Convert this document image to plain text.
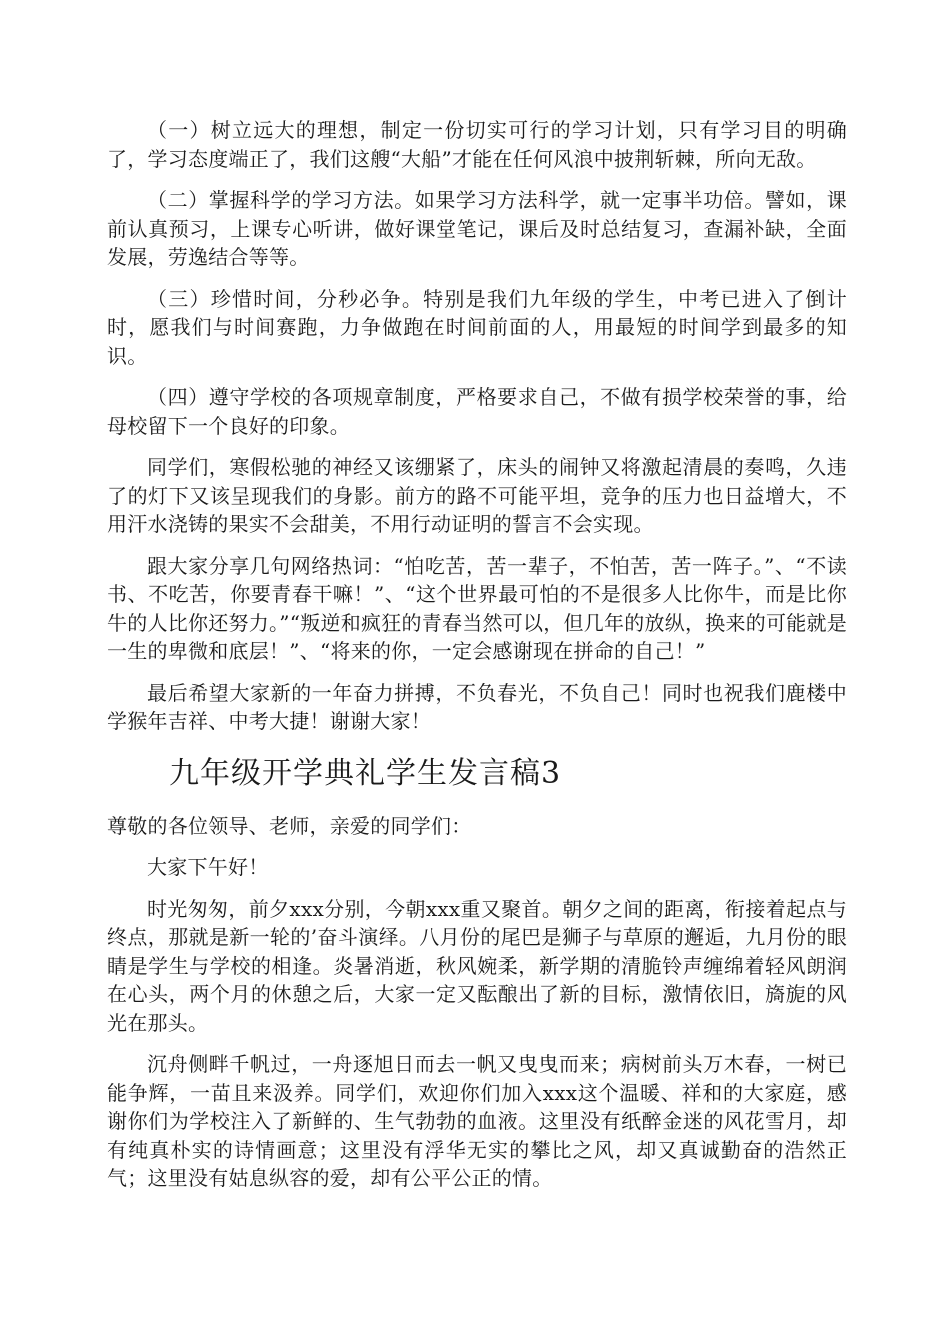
（一）树立远大的理想，制定一份切实可行的学习计划，只有学习目的明确了，学习态度端正了，我们这艘“大船”才能在任何风浪中披荆斩棘，所向无敌。

（二）掌握科学的学习方法。如果学习方法科学，就一定事半功倍。譬如，课前认真预习，上课专心听讲，做好课堂笔记，课后及时总结复习，查漏补缺，全面发展，劳逸结合等等。

（三）珍惜时间，分秒必争。特别是我们九年级的学生，中考已进入了倒计时，愿我们与时间赛跑，力争做跑在时间前面的人，用最短的时间学到最多的知识。

（四）遵守学校的各项规章制度，严格要求自己，不做有损学校荣誉的事，给母校留下一个良好的印象。

同学们，寒假松驰的神经又该绷紧了，床头的闹钟又将激起清晨的奏鸣，久违了的灯下又该呈现我们的身影。前方的路不可能平坦，竞争的压力也日益增大，不用汗水浇铸的果实不会甜美，不用行动证明的誓言不会实现。

跟大家分享几句网络热词：“怕吃苦，苦一辈子，不怕苦，苦一阵子。”、“不读书、不吃苦，你要青春干嘛！”、“这个世界最可怕的不是很多人比你牛，而是比你牛的人比你还努力。”“叛逆和疯狂的青春当然可以，但几年的放纵，换来的可能就是一生的卑微和底层！”、“将来的你，一定会感谢现在拼命的自己！”

最后希望大家新的一年奋力拼搏，不负春光，不负自己！同时也祝我们鹿楼中学猴年吉祥、中考大捷！谢谢大家！

九年级开学典礼学生发言稿3

尊敬的各位领导、老师，亲爱的同学们：

大家下午好！

时光匆匆，前夕xxx分别，今朝xxx重又聚首。朝夕之间的距离，衔接着起点与终点，那就是新一轮的’奋斗演绎。八月份的尾巴是狮子与草原的邂逅，九月份的眼睛是学生与学校的相逢。炎暑消逝，秋风婉柔，新学期的清脆铃声缠绵着轻风朗润在心头，两个月的休憩之后，大家一定又酝酿出了新的目标，激情依旧，旖旎的风光在那头。

沉舟侧畔千帆过，一舟逐旭日而去一帆又曳曳而来；病树前头万木春，一树已能争辉，一苗且来汲养。同学们，欢迎你们加入xxx这个温暖、祥和的大家庭，感谢你们为学校注入了新鲜的、生气勃勃的血液。这里没有纸醉金迷的风花雪月，却有纯真朴实的诗情画意；这里没有浮华无实的攀比之风，却又真诚勤奋的浩然正气；这里没有姑息纵容的爱，却有公平公正的情。
